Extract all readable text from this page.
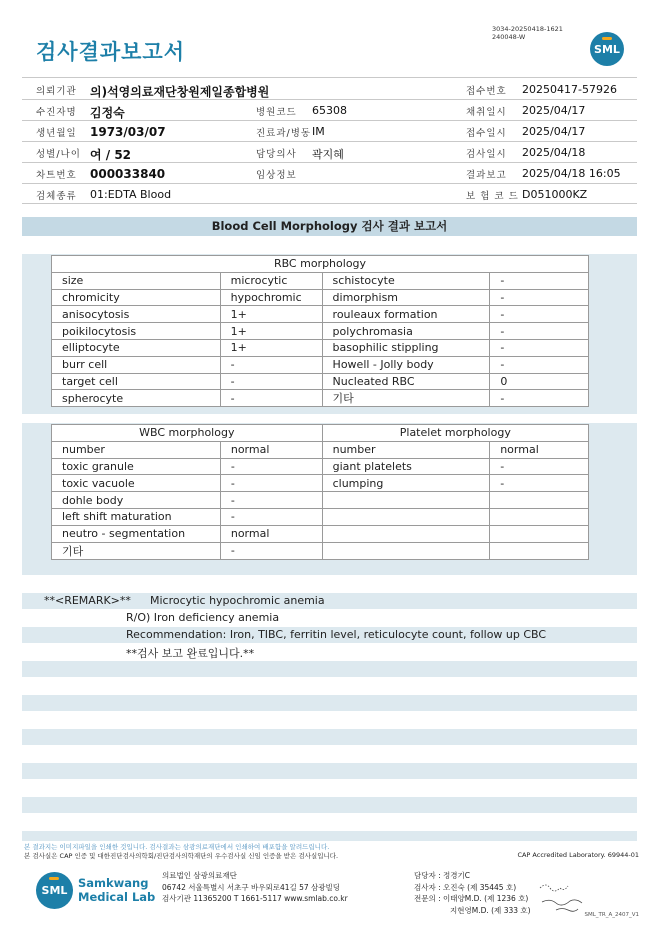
검사결과보고서
3034-20250418-1621
240048-W
SML
의뢰기관 의)석영의료재단창원제일종합병원	접수번호 20250417-57926
수진자명 김정숙	병원코드 65308	채취일시 2025/04/17
생년월일 1973/03/07	진료과/병동 IM	접수일시 2025/04/17
성별/나이 여 / 52	담당의사 곽지혜	검사일시 2025/04/18
차트번호 000033840	임상정보	결과보고 2025/04/18 16:05
검체종류 01:EDTA Blood	보 험 코 드 D051000KZ
Blood Cell Morphology 검사 결과 보고서
RBC morphology			
size	microcytic	schistocyte	-
chromicity	hypochromic	dimorphism	-
anisocytosis	1+	rouleaux formation	-
poikilocytosis	1+	polychromasia	-
elliptocyte	1+	basophilic stippling	-
burr cell	-	Howell - Jolly body	-
target cell	-	Nucleated RBC	0
spherocyte	-	기타	-
WBC morphology		Platelet morphology	
number	normal	number	normal
toxic granule	-	giant platelets	-
toxic vacuole	-	clumping	-
dohle body	-		
left shift maturation	-		
neutro - segmentation	normal		
기타	-		
**<REMARK>** Microcytic hypochromic anemia
R/O) Iron deficiency anemia
Recommendation: Iron, TIBC, ferritin level, reticulocyte count, follow up CBC
**검사 보고 완료입니다.**
본 결과지는 이미지파일을 인쇄한 것입니다. 검사결과는 삼광의료재단에서 인쇄하여 배포함을 알려드립니다.
본 검사실은 CAP 인증 및 대한진단검사의학회/진단검사의학재단의 우수검사실 신임 인증을 받은 검사실입니다.	CAP Accredited Laboratory. 69944-01
SML
Samkwang
Medical Lab
의료법인 삼광의료재단
06742 서울특별시 서초구 바우뫼로41길 57 삼광빌딩
검사기관 11365200 T 1661-5117 www.smlab.co.kr
담당자 : 정경기C
검사자 : 오진숙 (제 35445 호)
전문의 : 이태양M.D. (제 1236 호)
지현영M.D. (제 333 호)
SML_TR_A_2407_V1
